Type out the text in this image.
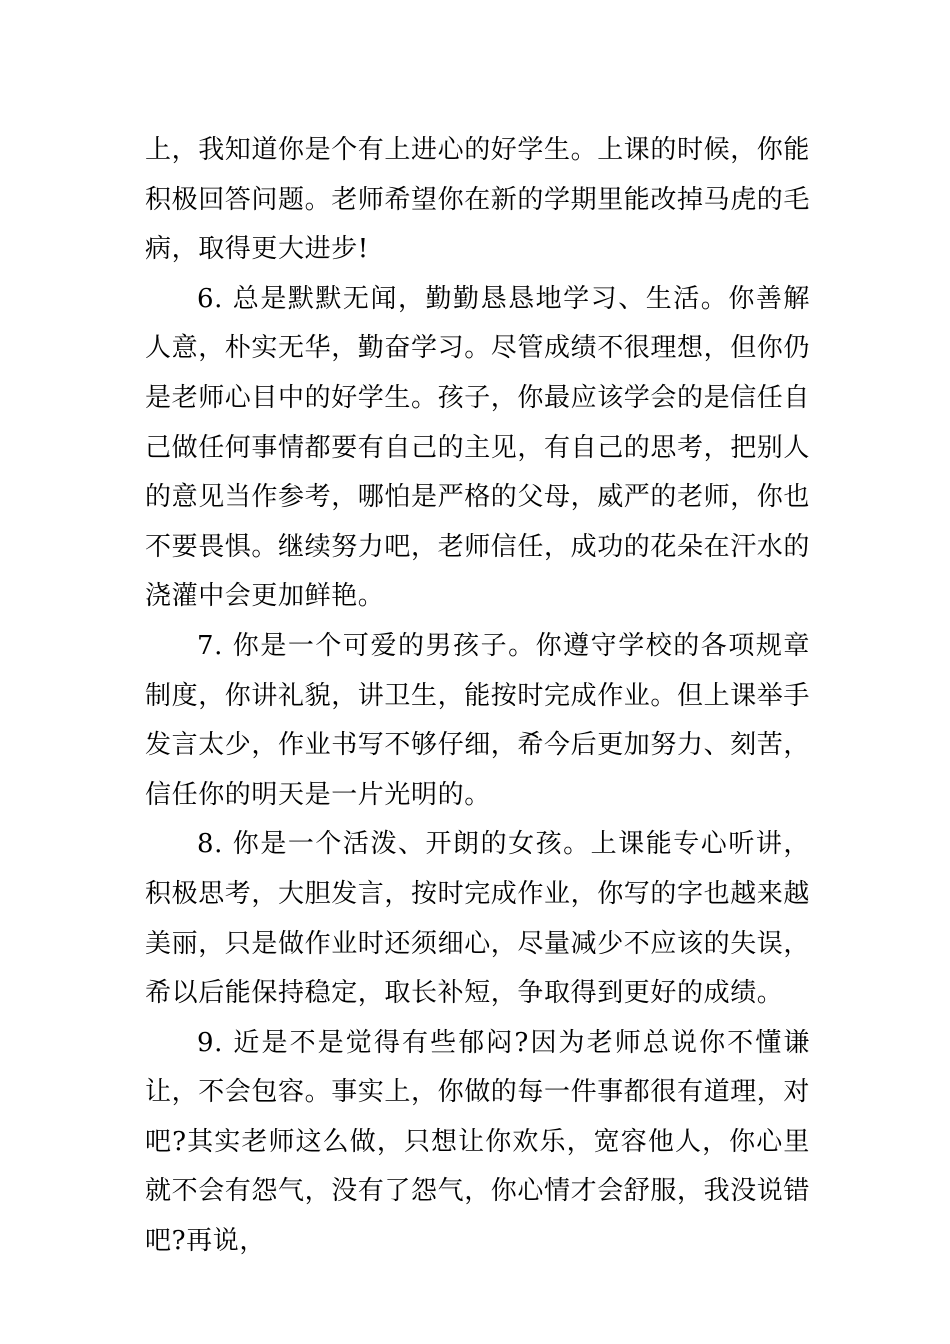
上，我知道你是个有上进心的好学生。上课的时候，你能积极回答问题。老师希望你在新的学期里能改掉马虎的毛病，取得更大进步!

6. 总是默默无闻，勤勤恳恳地学习、生活。你善解人意，朴实无华，勤奋学习。尽管成绩不很理想，但你仍是老师心目中的好学生。孩子，你最应该学会的是信任自己做任何事情都要有自己的主见，有自己的思考，把别人的意见当作参考，哪怕是严格的父母，威严的老师，你也不要畏惧。继续努力吧，老师信任，成功的花朵在汗水的浇灌中会更加鲜艳。

7. 你是一个可爱的男孩子。你遵守学校的各项规章制度，你讲礼貌，讲卫生，能按时完成作业。但上课举手发言太少，作业书写不够仔细，希今后更加努力、刻苦，信任你的明天是一片光明的。

8. 你是一个活泼、开朗的女孩。上课能专心听讲，积极思考，大胆发言，按时完成作业，你写的字也越来越美丽，只是做作业时还须细心，尽量减少不应该的失误，希以后能保持稳定，取长补短，争取得到更好的成绩。

9. 近是不是觉得有些郁闷?因为老师总说你不懂谦让，不会包容。事实上，你做的每一件事都很有道理，对吧?其实老师这么做，只想让你欢乐，宽容他人，你心里就不会有怨气，没有了怨气，你心情才会舒服，我没说错吧?再说，
